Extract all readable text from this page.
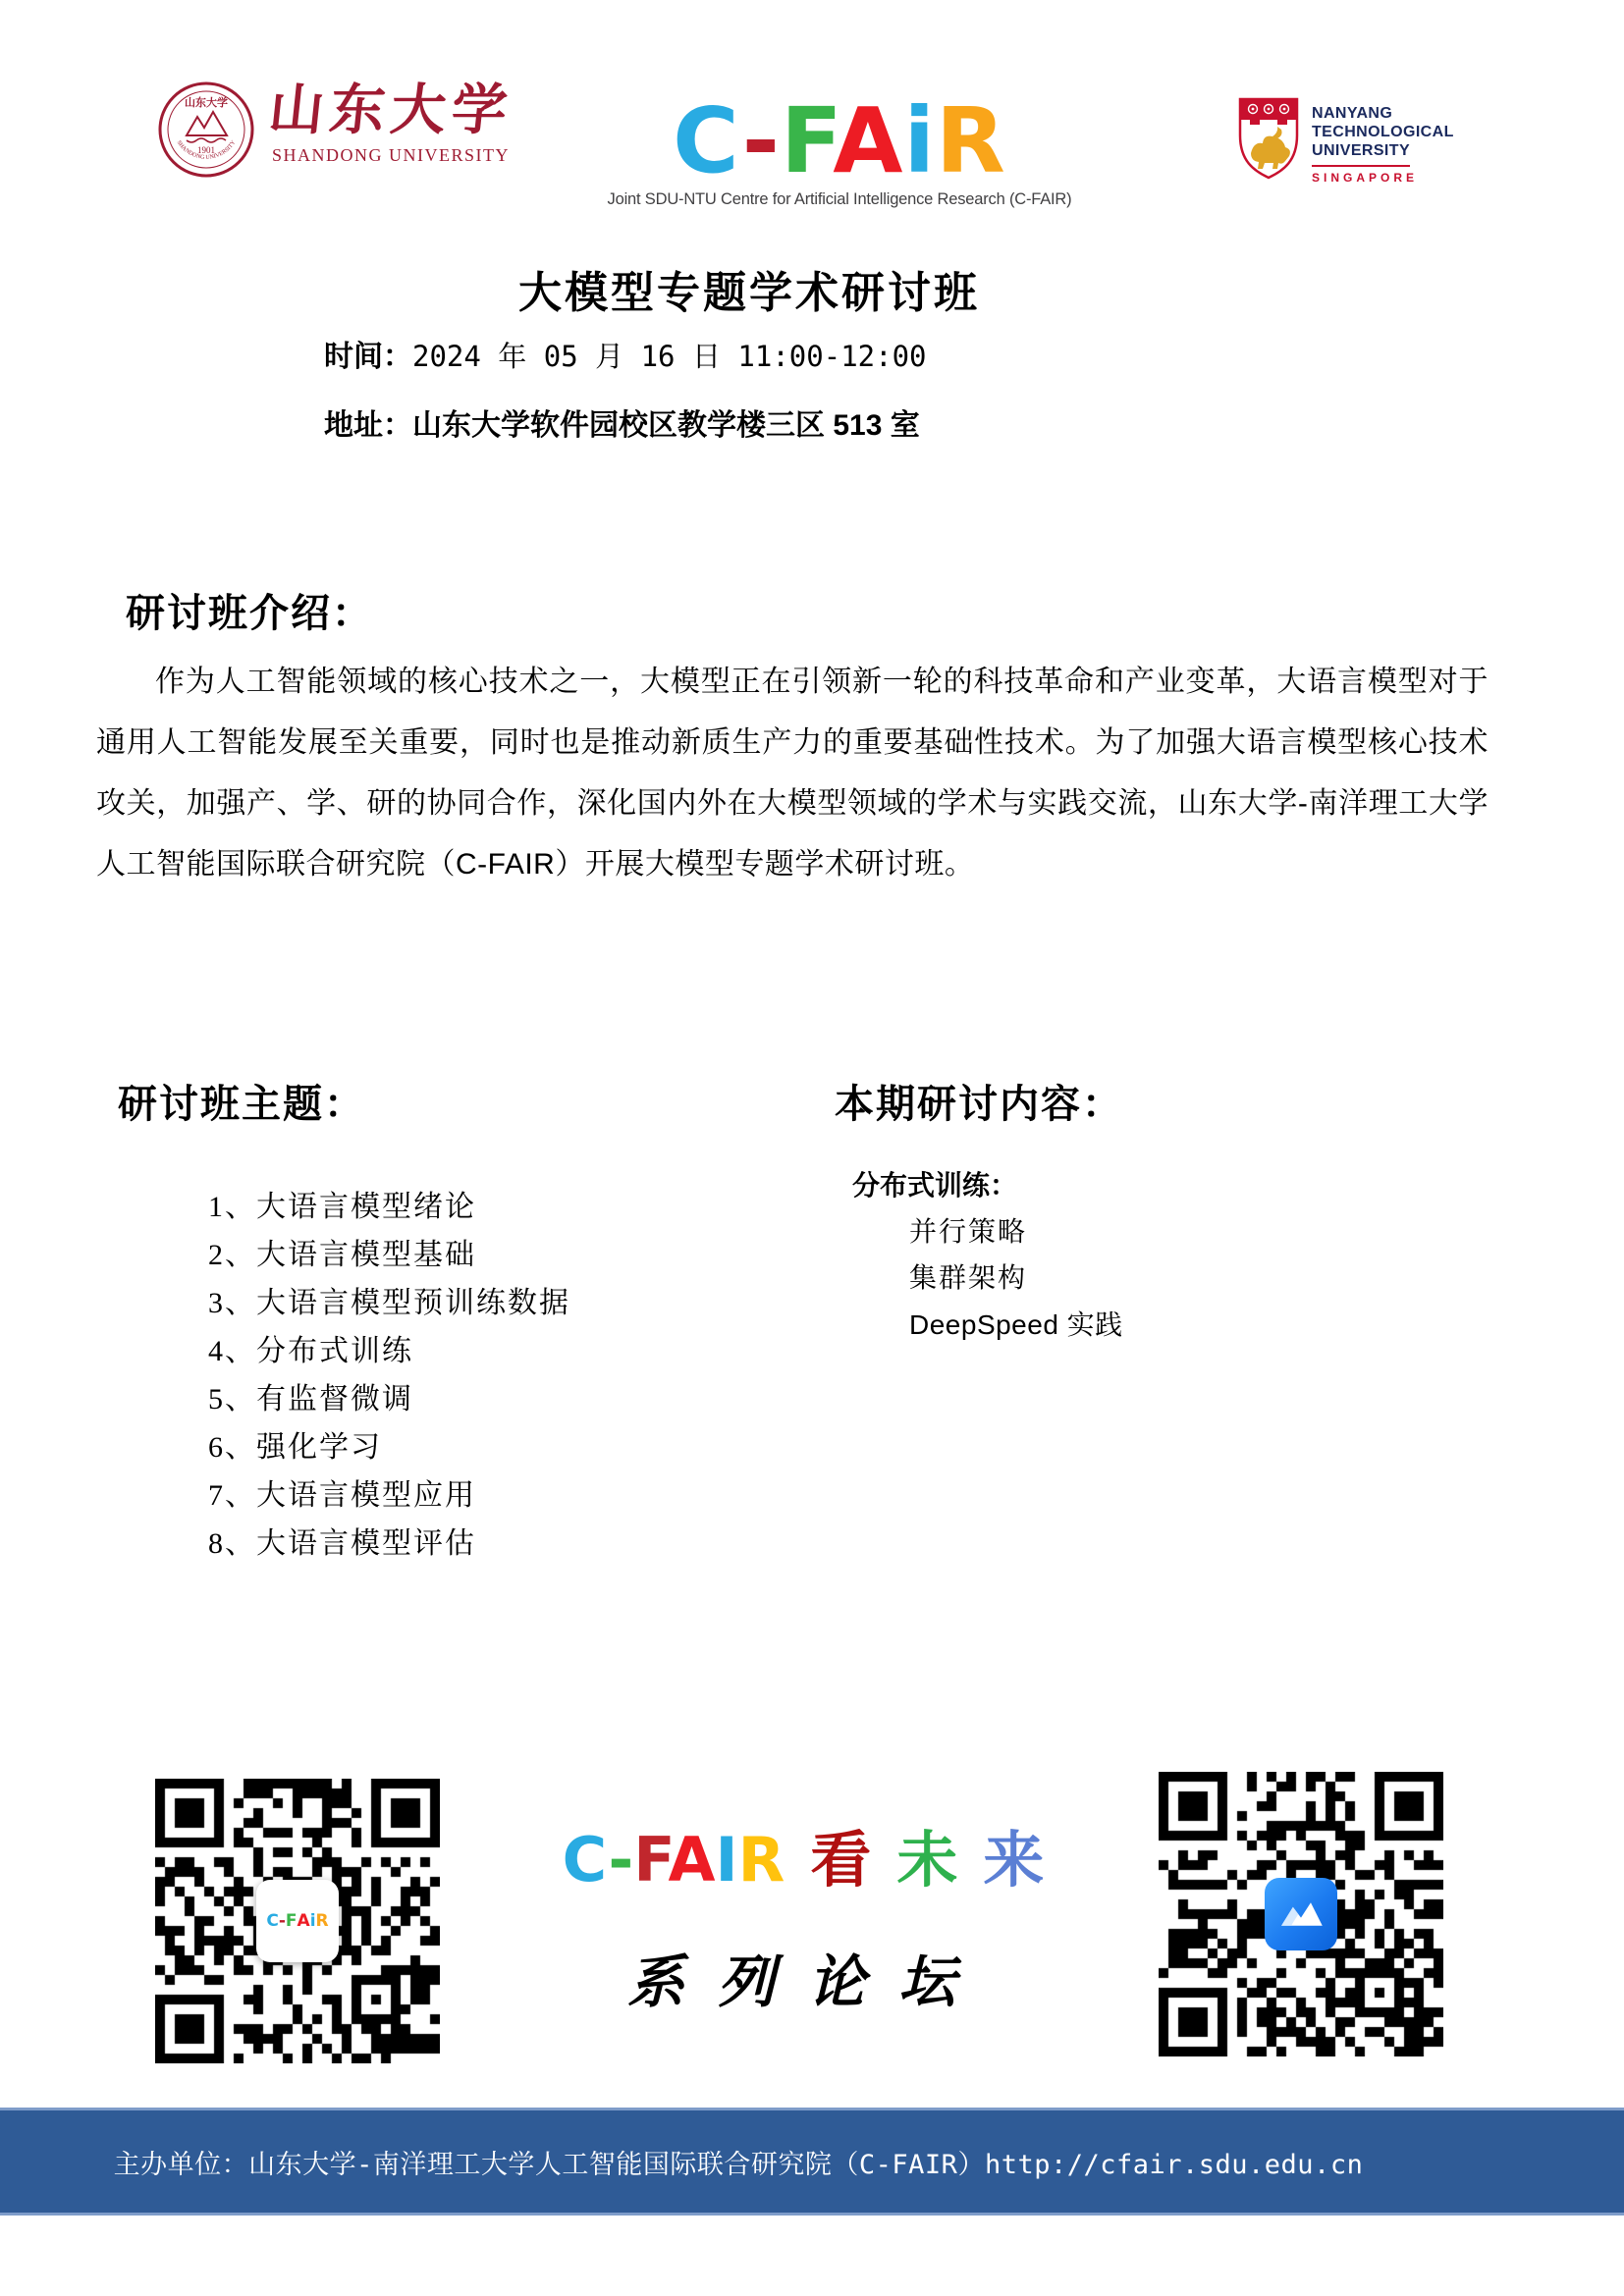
山东大学
1901
SHANDONG UNIVERSITY
山东大学
SHANDONG UNIVERSITY	C-FAiR
Joint SDU-NTU Centre for Artificial Intelligence Research (C-FAIR)
NANYANG
TECHNOLOGICAL
UNIVERSITY
SINGAPORE
大模型专题学术研讨班
时间：2024 年 05 月 16 日 11:00-12:00
地址：山东大学软件园校区教学楼三区 513 室
研讨班介绍：
作为人工智能领域的核心技术之一，大模型正在引领新一轮的科技革命和产业变革，大语言模型对于通用人工智能发展至关重要，同时也是推动新质生产力的重要基础性技术。为了加强大语言模型核心技术攻关，加强产、学、研的协同合作，深化国内外在大模型领域的学术与实践交流，山东大学-南洋理工大学人工智能国际联合研究院（C-FAIR）开展大模型专题学术研讨班。
研讨班主题：
1、大语言模型绪论
2、大语言模型基础
3、大语言模型预训练数据
4、分布式训练
5、有监督微调
6、强化学习
7、大语言模型应用
8、大语言模型评估
本期研讨内容：
分布式训练：
并行策略
集群架构
DeepSpeed 实践
C - F A i R
C-FAIR 看 未 来
系列论坛
主办单位：山东大学-南洋理工大学人工智能国际联合研究院（C-FAIR）http://cfair.sdu.edu.cn
